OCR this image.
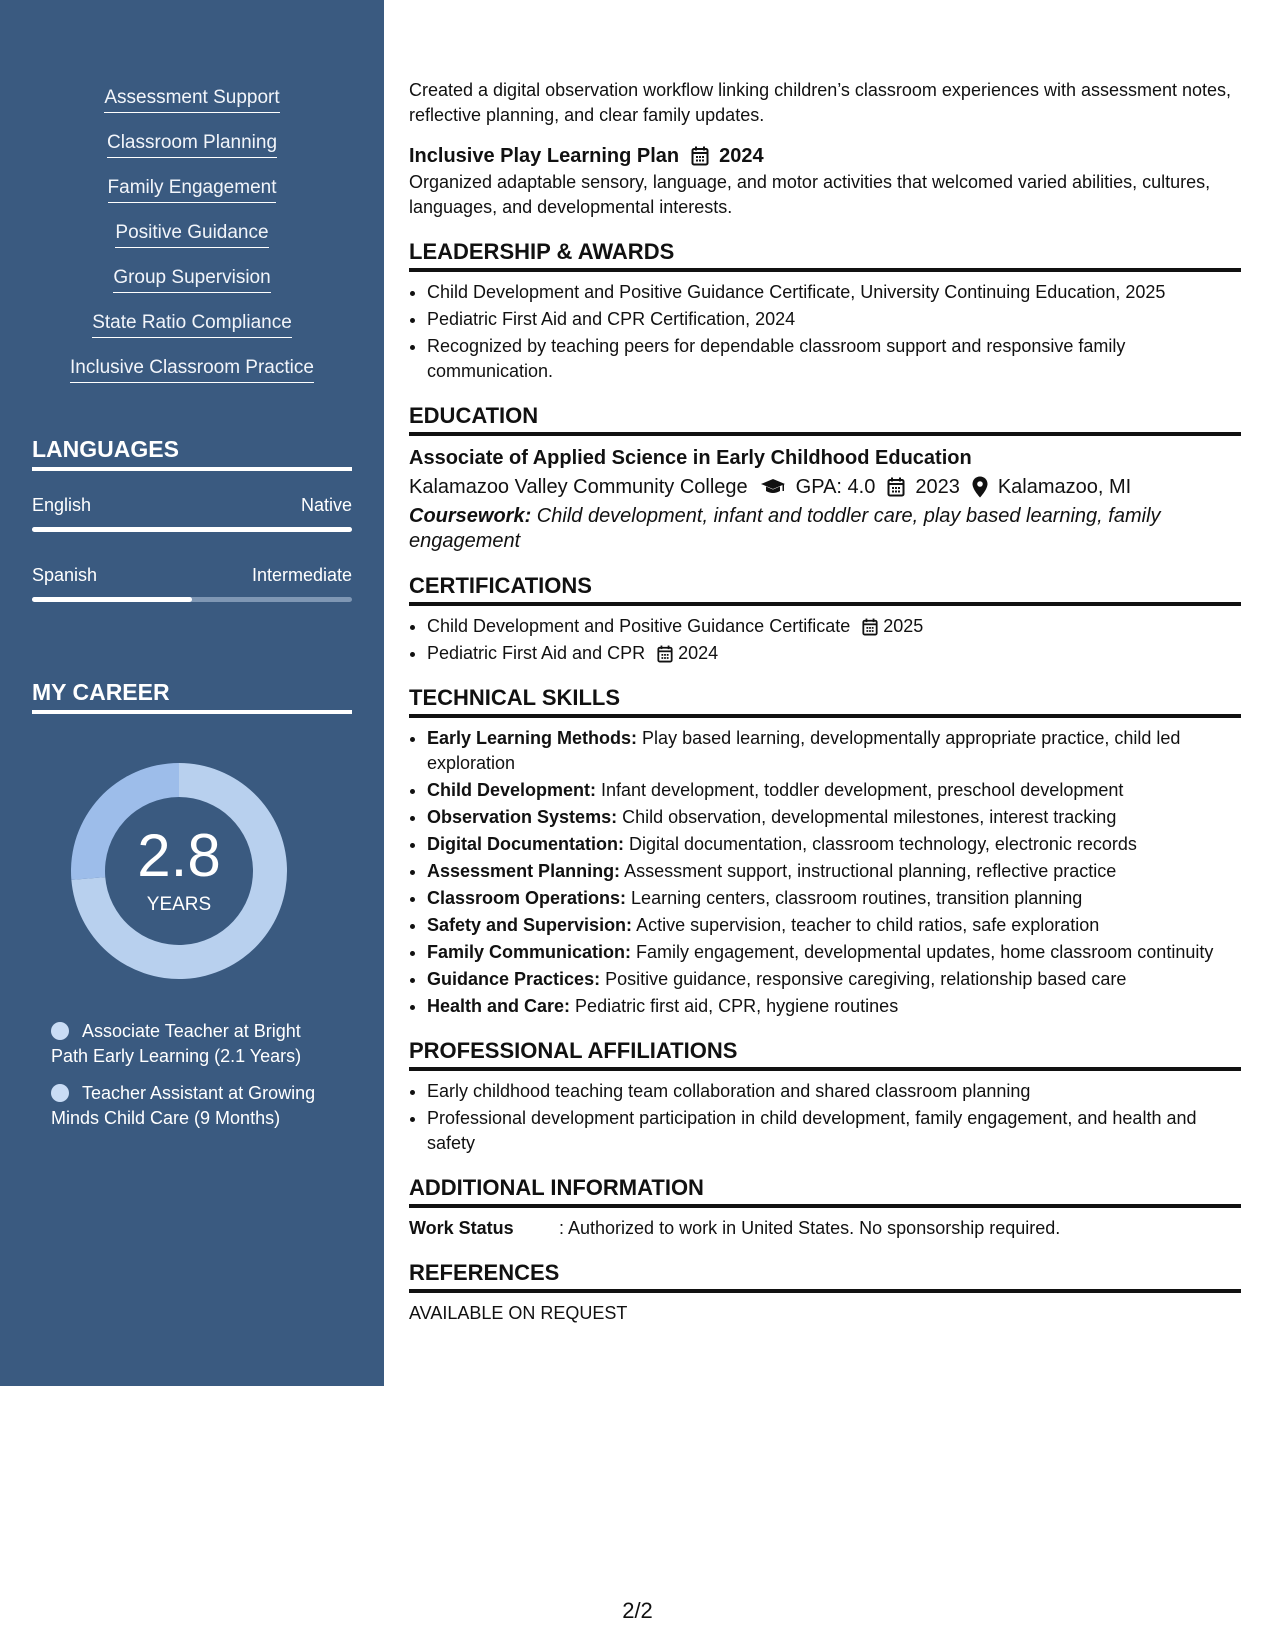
Assessment Support
Classroom Planning
Family Engagement
Positive Guidance
Group Supervision
State Ratio Compliance
Inclusive Classroom Practice
LANGUAGES
English	Native
Spanish	Intermediate
MY CAREER
2.8
YEARS
Associate Teacher at Bright Path Early Learning (2.1 Years)
Teacher Assistant at Growing Minds Child Care (9 Months)

Created a digital observation workflow linking children’s classroom experiences with assessment notes, reflective planning, and clear family updates.

Inclusive Play Learning Plan 2024

Organized adaptable sensory, language, and motor activities that welcomed varied abilities, cultures, languages, and developmental interests.

LEADERSHIP & AWARDS
• Child Development and Positive Guidance Certificate, University Continuing Education, 2025
• Pediatric First Aid and CPR Certification, 2024
• Recognized by teaching peers for dependable classroom support and responsive family communication.
EDUCATION
Associate of Applied Science in Early Childhood Education
Kalamazoo Valley Community College GPA: 4.0 2023 Kalamazoo, MI
Coursework: Child development, infant and toddler care, play based learning, family engagement
CERTIFICATIONS
• Child Development and Positive Guidance Certificate 2025
• Pediatric First Aid and CPR 2024
TECHNICAL SKILLS
• Early Learning Methods: Play based learning, developmentally appropriate practice, child led exploration
• Child Development: Infant development, toddler development, preschool development
• Observation Systems: Child observation, developmental milestones, interest tracking
• Digital Documentation: Digital documentation, classroom technology, electronic records
• Assessment Planning: Assessment support, instructional planning, reflective practice
• Classroom Operations: Learning centers, classroom routines, transition planning
• Safety and Supervision: Active supervision, teacher to child ratios, safe exploration
• Family Communication: Family engagement, developmental updates, home classroom continuity
• Guidance Practices: Positive guidance, responsive caregiving, relationship based care
• Health and Care: Pediatric first aid, CPR, hygiene routines
PROFESSIONAL AFFILIATIONS
• Early childhood teaching team collaboration and shared classroom planning
• Professional development participation in child development, family engagement, and health and safety
ADDITIONAL INFORMATION
Work Status	: Authorized to work in United States. No sponsorship required.
REFERENCES

AVAILABLE ON REQUEST

2/2
